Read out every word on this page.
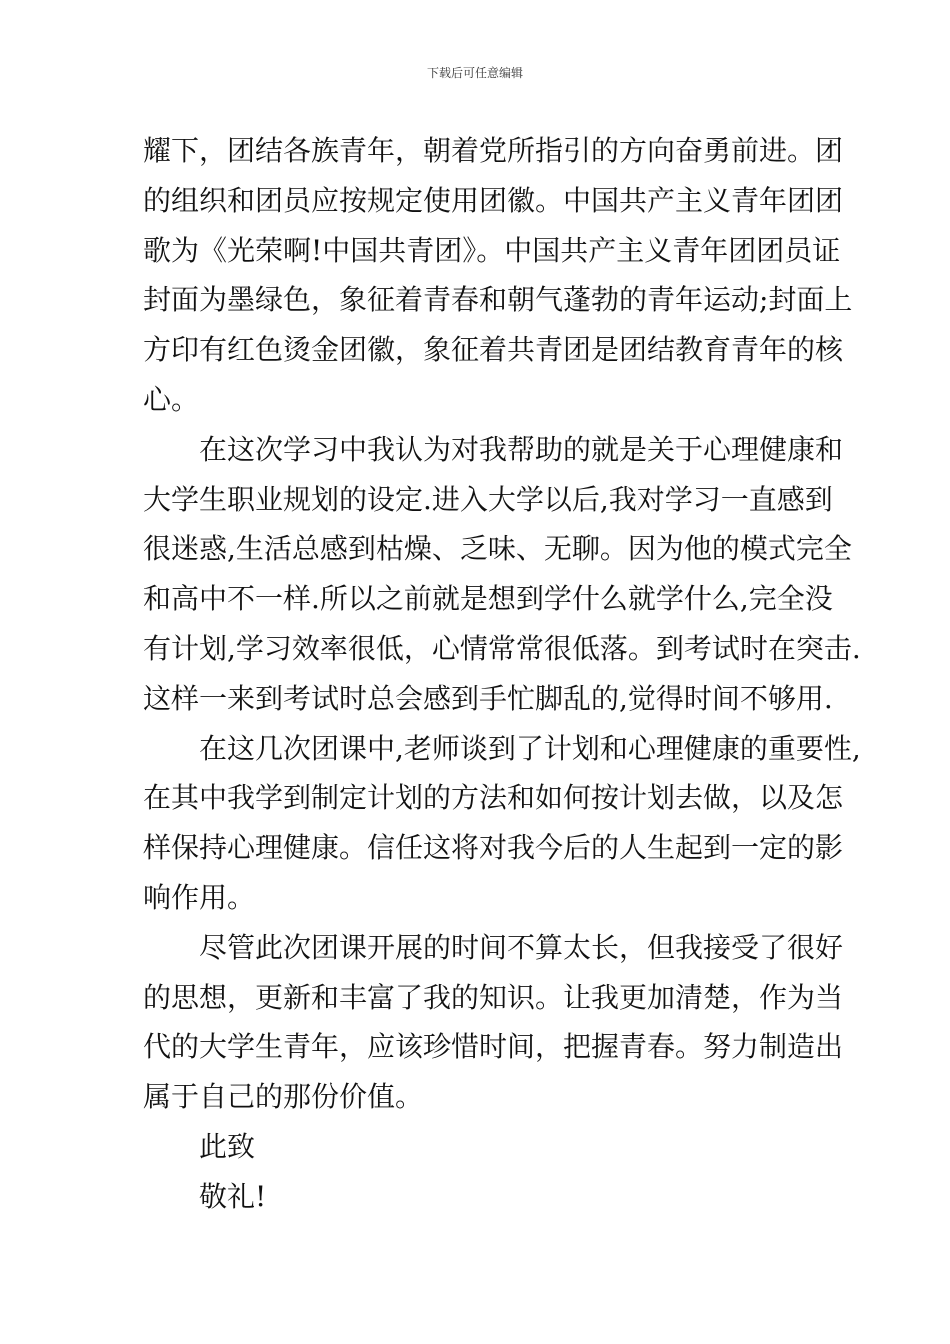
下载后可任意编辑
耀下，团结各族青年，朝着党所指引的方向奋勇前进。团
的组织和团员应按规定使用团徽。中国共产主义青年团团
歌为《光荣啊!中国共青团》。中国共产主义青年团团员证
封面为墨绿色，象征着青春和朝气蓬勃的青年运动;封面上
方印有红色烫金团徽，象征着共青团是团结教育青年的核
心。
在这次学习中我认为对我帮助的就是关于心理健康和
大学生职业规划的设定.进入大学以后,我对学习一直感到
很迷惑,生活总感到枯燥、乏味、无聊。因为他的模式完全
和高中不一样.所以之前就是想到学什么就学什么,完全没
有计划,学习效率很低，心情常常很低落。到考试时在突击.
这样一来到考试时总会感到手忙脚乱的,觉得时间不够用.
在这几次团课中,老师谈到了计划和心理健康的重要性,
在其中我学到制定计划的方法和如何按计划去做，以及怎
样保持心理健康。信任这将对我今后的人生起到一定的影
响作用。
尽管此次团课开展的时间不算太长，但我接受了很好
的思想，更新和丰富了我的知识。让我更加清楚，作为当
代的大学生青年，应该珍惜时间，把握青春。努力制造出
属于自己的那份价值。
此致
敬礼!
